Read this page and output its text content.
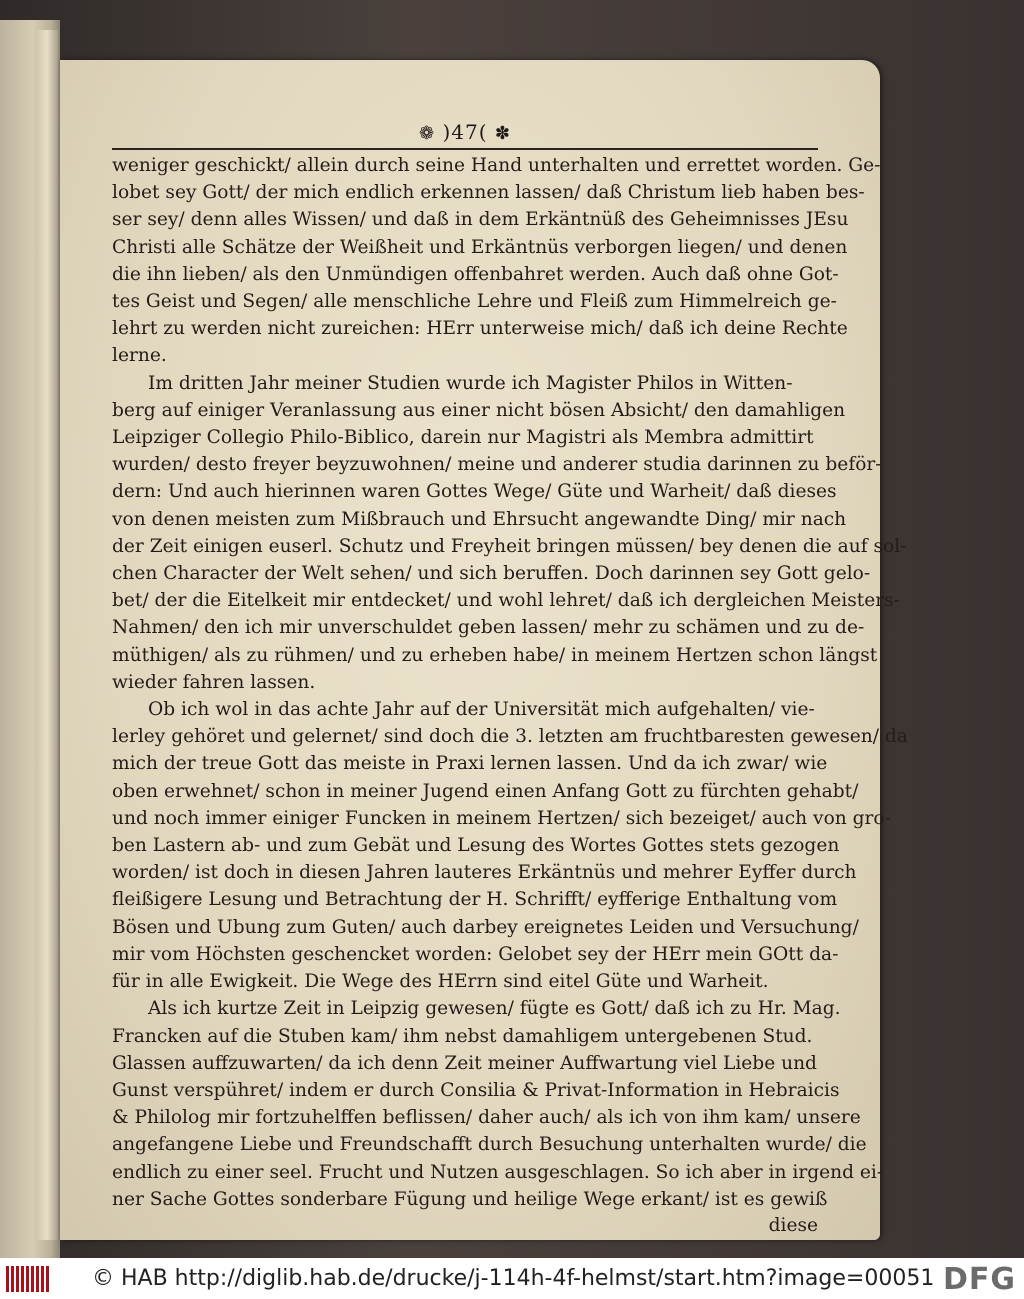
❁ )47( ✽
weniger geschickt/ allein durch seine Hand unterhalten und errettet worden. Ge-
lobet sey Gott/ der mich endlich erkennen lassen/ daß Christum lieb haben bes-
ser sey/ denn alles Wissen/ und daß in dem Erkäntnüß des Geheimnisses JEsu
Christi alle Schätze der Weißheit und Erkäntnüs verborgen liegen/ und denen
die ihn lieben/ als den Unmündigen offenbahret werden. Auch daß ohne Got-
tes Geist und Segen/ alle menschliche Lehre und Fleiß zum Himmelreich ge-
lehrt zu werden nicht zureichen: HErr unterweise mich/ daß ich deine Rechte
lerne.
Im dritten Jahr meiner Studien wurde ich Magister Philos in Witten-
berg auf einiger Veranlassung aus einer nicht bösen Absicht/ den damahligen
Leipziger Collegio Philo-Biblico, darein nur Magistri als Membra admittirt
wurden/ desto freyer beyzuwohnen/ meine und anderer studia darinnen zu beför-
dern: Und auch hierinnen waren Gottes Wege/ Güte und Warheit/ daß dieses
von denen meisten zum Mißbrauch und Ehrsucht angewandte Ding/ mir nach
der Zeit einigen euserl. Schutz und Freyheit bringen müssen/ bey denen die auf sol-
chen Character der Welt sehen/ und sich beruffen. Doch darinnen sey Gott gelo-
bet/ der die Eitelkeit mir entdecket/ und wohl lehret/ daß ich dergleichen Meisters-
Nahmen/ den ich mir unverschuldet geben lassen/ mehr zu schämen und zu de-
müthigen/ als zu rühmen/ und zu erheben habe/ in meinem Hertzen schon längst
wieder fahren lassen.
Ob ich wol in das achte Jahr auf der Universität mich aufgehalten/ vie-
lerley gehöret und gelernet/ sind doch die 3. letzten am fruchtbaresten gewesen/ da
mich der treue Gott das meiste in Praxi lernen lassen. Und da ich zwar/ wie
oben erwehnet/ schon in meiner Jugend einen Anfang Gott zu fürchten gehabt/
und noch immer einiger Funcken in meinem Hertzen/ sich bezeiget/ auch von gro-
ben Lastern ab- und zum Gebät und Lesung des Wortes Gottes stets gezogen
worden/ ist doch in diesen Jahren lauteres Erkäntnüs und mehrer Eyffer durch
fleißigere Lesung und Betrachtung der H. Schrifft/ eyfferige Enthaltung vom
Bösen und Ubung zum Guten/ auch darbey ereignetes Leiden und Versuchung/
mir vom Höchsten geschencket worden: Gelobet sey der HErr mein GOtt da-
für in alle Ewigkeit. Die Wege des HErrn sind eitel Güte und Warheit.
Als ich kurtze Zeit in Leipzig gewesen/ fügte es Gott/ daß ich zu Hr. Mag.
Francken auf die Stuben kam/ ihm nebst damahligem untergebenen Stud.
Glassen auffzuwarten/ da ich denn Zeit meiner Auffwartung viel Liebe und
Gunst verspühret/ indem er durch Consilia & Privat-Information in Hebraicis
& Philolog mir fortzuhelffen beflissen/ daher auch/ als ich von ihm kam/ unsere
angefangene Liebe und Freundschafft durch Besuchung unterhalten wurde/ die
endlich zu einer seel. Frucht und Nutzen ausgeschlagen. So ich aber in irgend ei-
ner Sache Gottes sonderbare Fügung und heilige Wege erkant/ ist es gewiß
diese
© HAB http://diglib.hab.de/drucke/j-114h-4f-helmst/start.htm?image=00051 DFG
